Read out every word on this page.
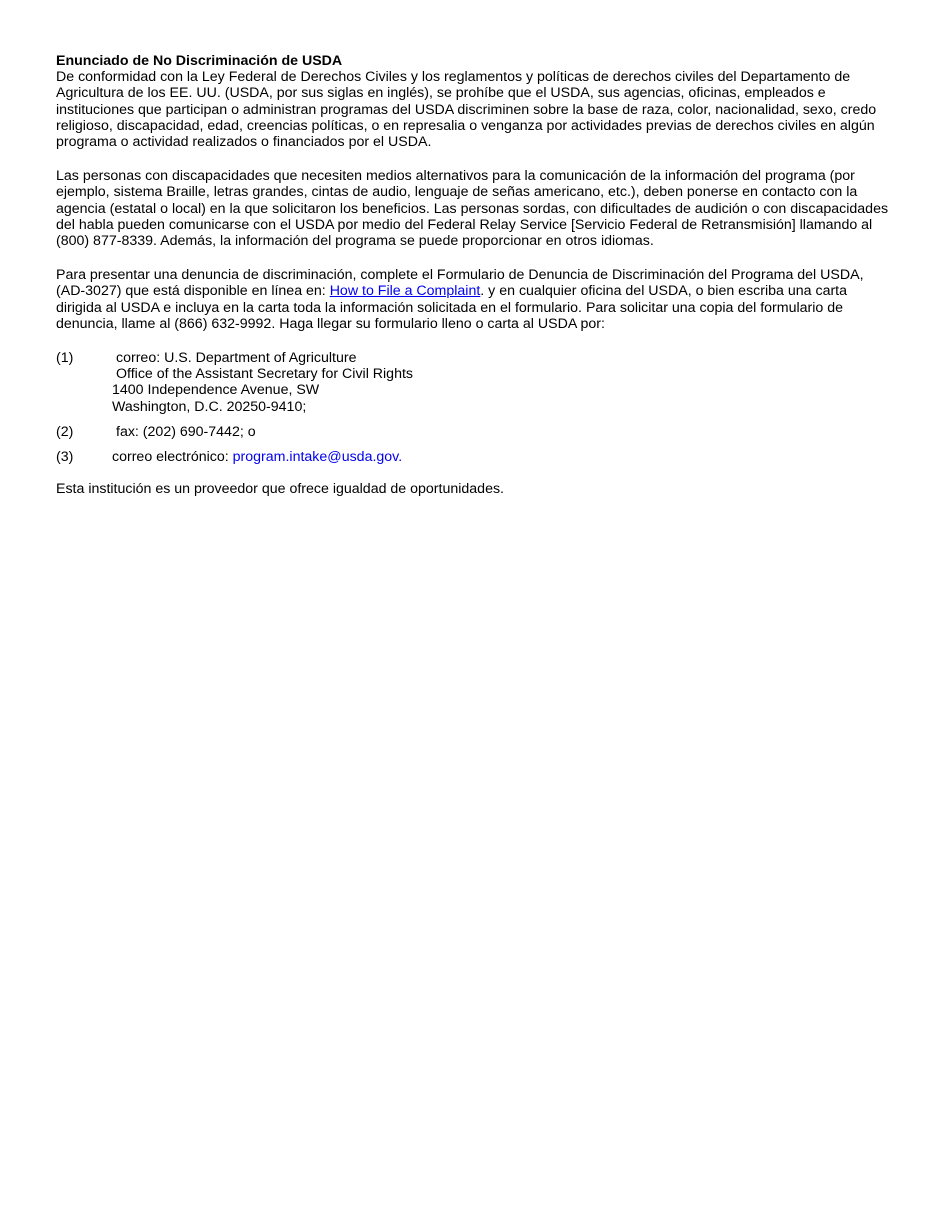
Enunciado de No Discriminación de USDA

De conformidad con la Ley Federal de Derechos Civiles y los reglamentos y políticas de derechos civiles del Departamento de Agricultura de los EE. UU. (USDA, por sus siglas en inglés), se prohíbe que el USDA, sus agencias, oficinas, empleados e instituciones que participan o administran programas del USDA discriminen sobre la base de raza, color, nacionalidad, sexo, credo religioso, discapacidad, edad, creencias políticas, o en represalia o venganza por actividades previas de derechos civiles en algún programa o actividad realizados o financiados por el USDA.

Las personas con discapacidades que necesiten medios alternativos para la comunicación de la información del programa (por ejemplo, sistema Braille, letras grandes, cintas de audio, lenguaje de señas americano, etc.), deben ponerse en contacto con la agencia (estatal o local) en la que solicitaron los beneficios. Las personas sordas, con dificultades de audición o con discapacidades del habla pueden comunicarse con el USDA por medio del Federal Relay Service [Servicio Federal de Retransmisión] llamando al (800) 877-8339. Además, la información del programa se puede proporcionar en otros idiomas.

Para presentar una denuncia de discriminación, complete el Formulario de Denuncia de Discriminación del Programa del USDA, (AD-3027) que está disponible en línea en: How to File a Complaint. y en cualquier oficina del USDA, o bien escriba una carta dirigida al USDA e incluya en la carta toda la información solicitada en el formulario. Para solicitar una copia del formulario de denuncia, llame al (866) 632-9992. Haga llegar su formulario lleno o carta al USDA por:

(1)	correo: U.S. Department of Agriculture
Office of the Assistant Secretary for Civil Rights
1400 Independence Avenue, SW
Washington, D.C. 20250-9410;
(2)	fax: (202) 690-7442; o
(3)	correo electrónico: program.intake@usda.gov.

Esta institución es un proveedor que ofrece igualdad de oportunidades.
